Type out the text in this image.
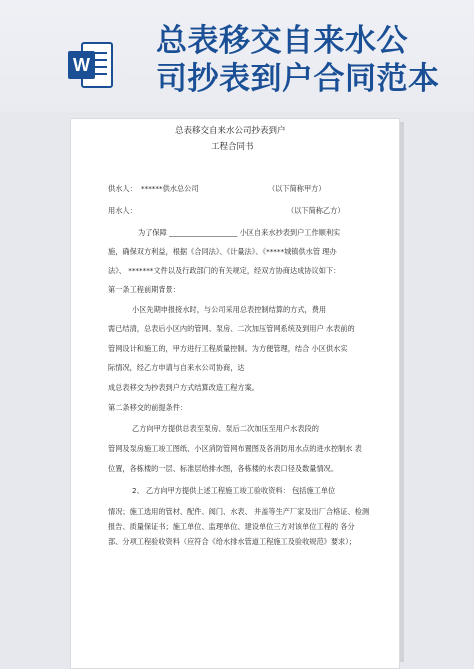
W
总表移交自来水公
司抄表到户合同范本
总表移交自来水公司抄表到户
工程合同书
供水人： ******供水总公司	（以下简称甲方）
用水人：	（以下简称乙方）
为了保障 ___________________ 小区自来水抄表到户工作顺利实
施，确保双方利益，根据《合同法》、《计量法》、《*****城镇供水管 理办
法》、 *******文件以及行政部门的有关规定，经双方协商达成协议如下：
第一条工程前期背景：
小区先期申报接水时，与公司采用总表控制结算的方式，费用
需已结清，总表后小区内的管网、泵房、二次加压管网系统及到用户 水表前的
管网设计和施工的，甲方进行工程质量控制。为方便管理，结合 小区供水实
际情况，经乙方申请与自来水公司协商，达
成总表移交为抄表到户方式结算改造工程方案。
第二条移交的前提条件：
乙方向甲方提供总表至泵房、泵后二次加压至用户水表段的
管网及泵房施工竣工图纸、小区消防管网布置图及各消防用水点的进水控制水 表
位置，各栋楼的一层、标准层给排水图，各栋楼的水表口径及数量情况。
2、 乙方向甲方提供上述工程施工竣工验收资料： 包括施工单位
情况；施工选用的管材、配件、阀门、水表、 井盖等生产厂家及出厂合格证、检测
报告、质量保证书；施工单位、监理单位、建设单位三方对该单位工程的 各分
部、分项工程验收资料（应符合《给水排水管道工程施工及验收规范》要求）；
